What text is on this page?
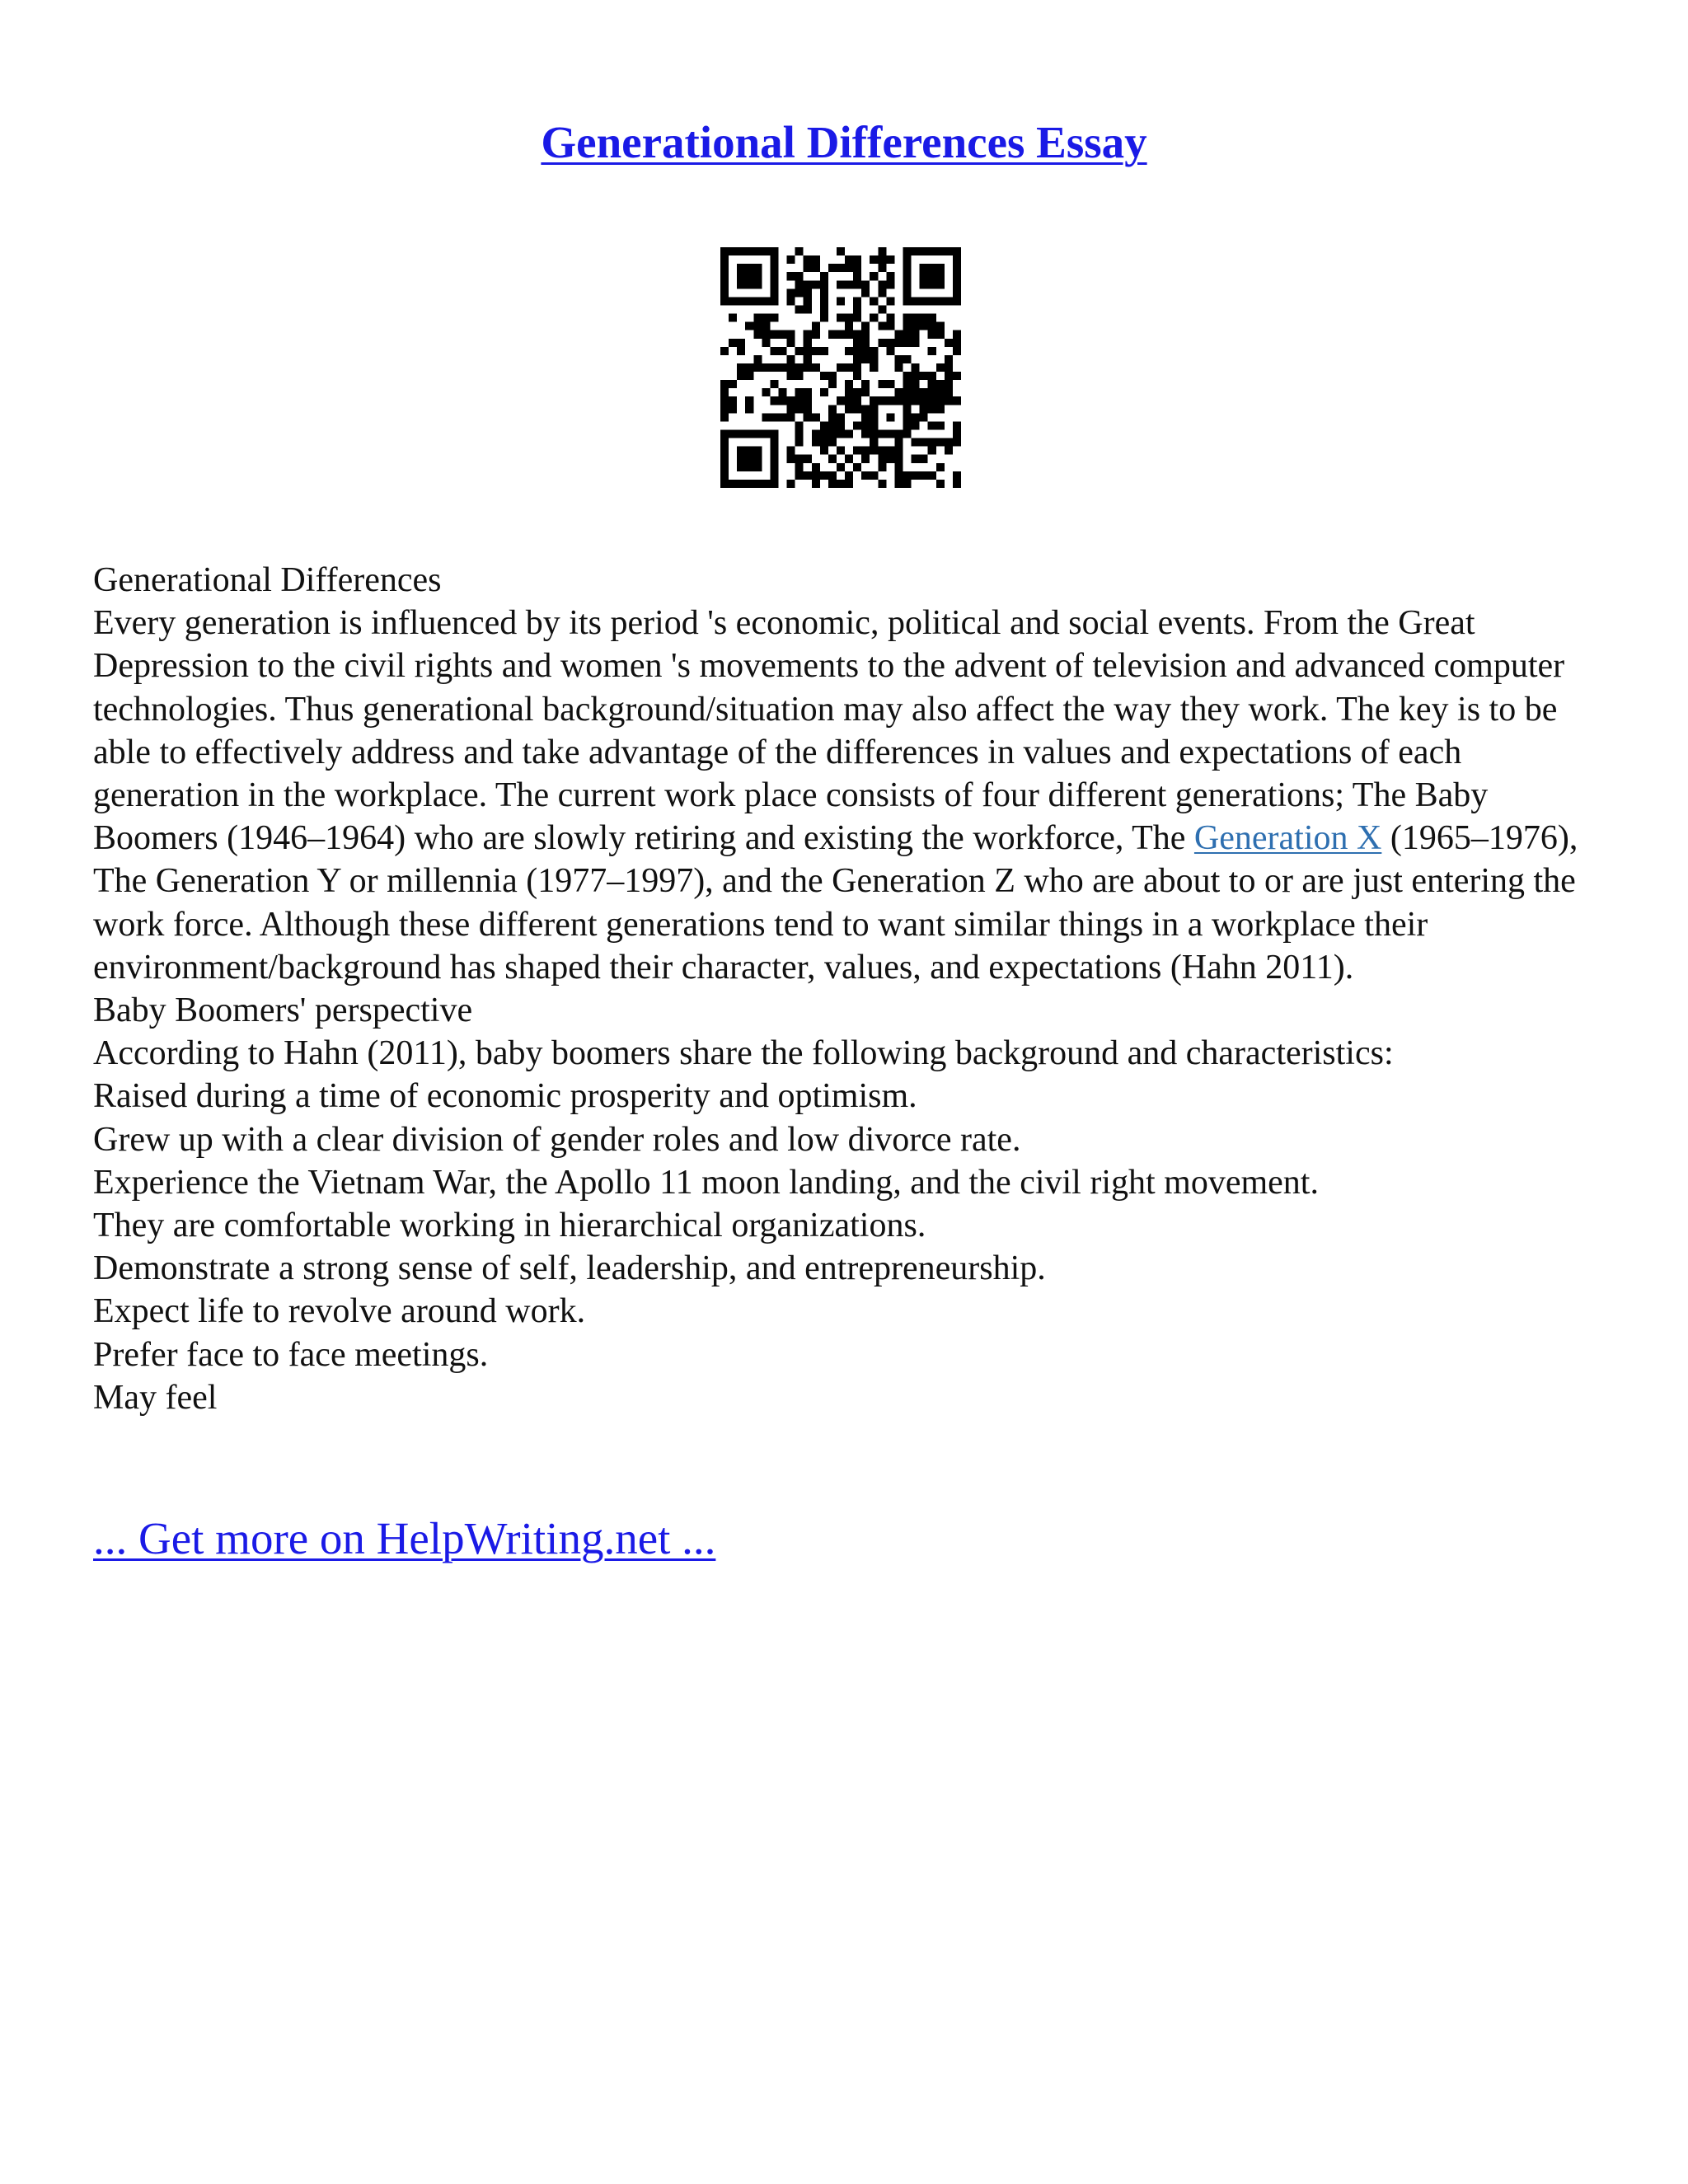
Generational Differences Essay

Generational Differences

Every generation is influenced by its period 's economic, political and social events. From the Great Depression to the civil rights and women 's movements to the advent of television and advanced computer technologies. Thus generational background/situation may also affect the way they work. The key is to be able to effectively address and take advantage of the differences in values and expectations of each generation in the workplace. The current work place consists of four different generations; The Baby Boomers (1946–1964) who are slowly retiring and existing the workforce, The Generation X (1965–1976), The Generation Y or millennia (1977–1997), and the Generation Z who are about to or are just entering the work force. Although these different generations tend to want similar things in a workplace their environment/background has shaped their character, values, and expectations (Hahn 2011).

Baby Boomers' perspective

According to Hahn (2011), baby boomers share the following background and characteristics:

Raised during a time of economic prosperity and optimism.

Grew up with a clear division of gender roles and low divorce rate.

Experience the Vietnam War, the Apollo 11 moon landing, and the civil right movement.

They are comfortable working in hierarchical organizations.

Demonstrate a strong sense of self, leadership, and entrepreneurship.

Expect life to revolve around work.

Prefer face to face meetings.

May feel

... Get more on HelpWriting.net ...
